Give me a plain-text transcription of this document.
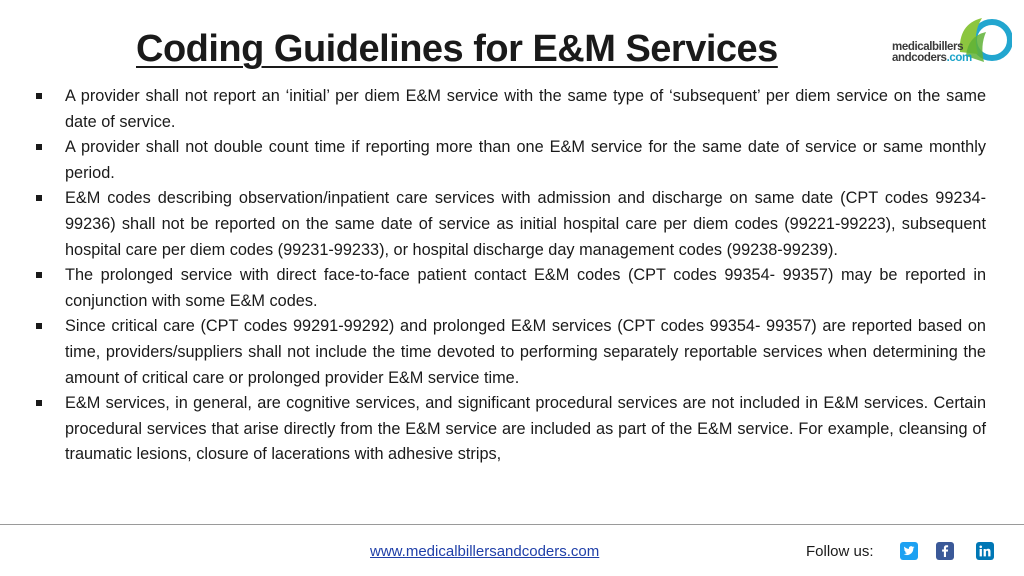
Coding Guidelines for E&M Services	medicalbillers
andcoders.com
A provider shall not report an ‘initial’ per diem E&M service with the same type of ‘subsequent’ per diem service on the same date of service.
A provider shall not double count time if reporting more than one E&M service for the same date of service or same monthly period.
E&M codes describing observation/inpatient care services with admission and discharge on same date (CPT codes 99234-99236) shall not be reported on the same date of service as initial hospital care per diem codes (99221-99223), subsequent hospital care per diem codes (99231-99233), or hospital discharge day management codes (99238-99239).
The prolonged service with direct face-to-face patient contact E&M codes (CPT codes 99354- 99357) may be reported in conjunction with some E&M codes.
Since critical care (CPT codes 99291-99292) and prolonged E&M services (CPT codes 99354- 99357) are reported based on time, providers/suppliers shall not include the time devoted to performing separately reportable services when determining the amount of critical care or prolonged provider E&M service time.
E&M services, in general, are cognitive services, and significant procedural services are not included in E&M services. Certain procedural services that arise directly from the E&M service are included as part of the E&M service. For example, cleansing of traumatic lesions, closure of lacerations with adhesive strips,
www.medicalbillersandcoders.com	Follow us:
